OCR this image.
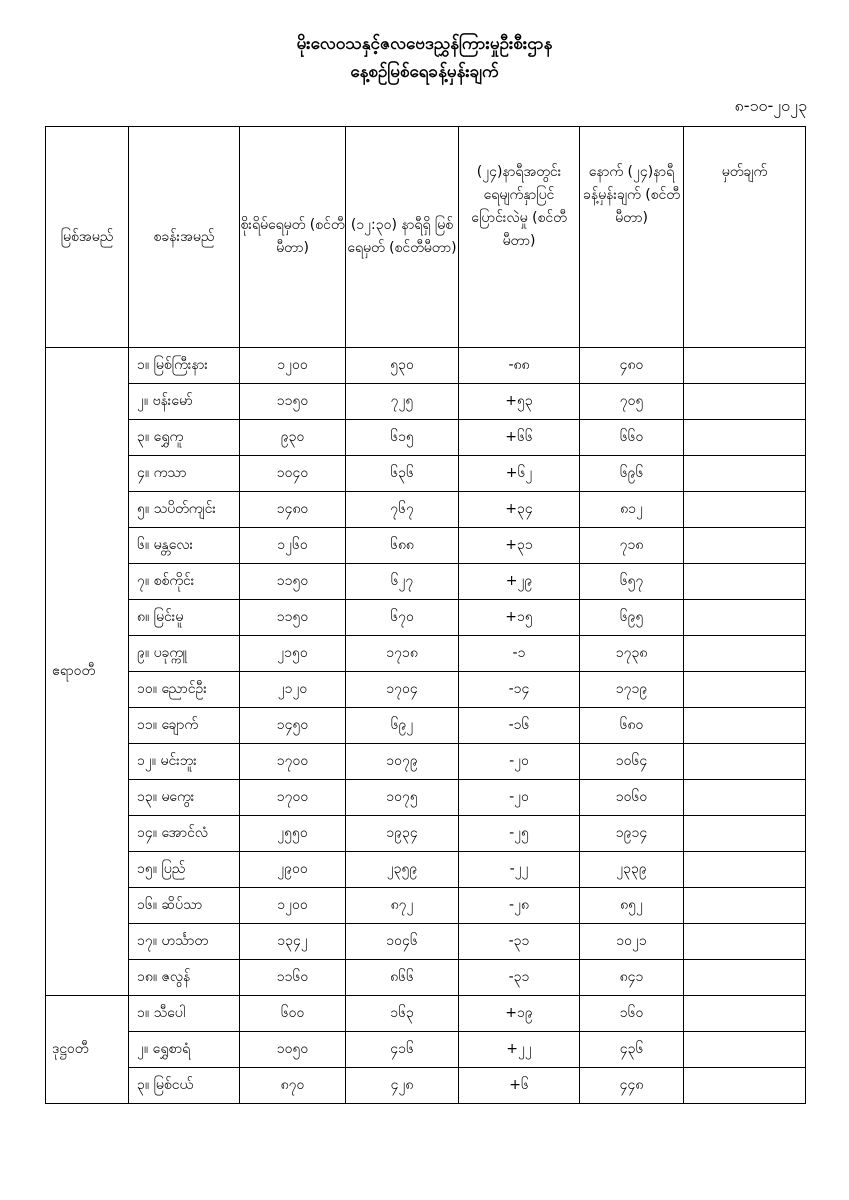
မိုးလေဝသနှင့်ဇလဗေဒညွှန်ကြားမှုဦးစီးဌာန
နေ့စဉ်မြစ်ရေခန့်မှန်းချက်
၈-၁၀-၂၀၂၃
မြစ်အမည်	စခန်းအမည်	စိုးရိမ်ရေမှတ် (စင်တီမီတာ)	(၁၂:၃၀) နာရီရှိ မြစ်ရေမှတ် (စင်တီမီတာ)	(၂၄)နာရီအတွင်း ရေမျက်နှာပြင် ပြောင်းလဲမှု (စင်တီမီတာ)	နောက် (၂၄)နာရီ ခန့်မှန်းချက် (စင်တီမီတာ)	မှတ်ချက်
ဧရာဝတီ	၁။ မြစ်ကြီးနား	၁၂၀၀	၅၃၀	-၈၈	၄၈၀	
	၂။ ဗန်းမော်	၁၁၅၀	၇၂၅	+၅၃	၇၀၅	
	၃။ ရွှေကူ	၉၃၀	၆၁၅	+၆၆	၆၆၀	
	၄။ ကသာ	၁၀၄၀	၆၃၆	+၆၂	၆၉၆	
	၅။ သပိတ်ကျင်း	၁၄၈၀	၇၆၇	+၃၄	၈၁၂	
	၆။ မန္တလေး	၁၂၆၀	၆၈၈	+၃၁	၇၁၈	
	၇။ စစ်ကိုင်း	၁၁၅၀	၆၂၇	+၂၉	၆၅၇	
	၈။ မြင်းမူ	၁၁၅၀	၆၇၀	+၁၅	၆၉၅	
	၉။ ပခုက္ကူ	၂၁၅၀	၁၇၁၈	-၁	၁၇၃၈	
	၁၀။ ညောင်ဦး	၂၁၂၀	၁၇၀၄	-၁၄	၁၇၁၉	
	၁၁။ ချောက်	၁၄၅၀	၆၉၂	-၁၆	၆၈၀	
	၁၂။ မင်းဘူး	၁၇၀၀	၁၀၇၉	-၂၀	၁၀၆၄	
	၁၃။ မကွေး	၁၇၀၀	၁၀၇၅	-၂၀	၁၀၆၀	
	၁၄။ အောင်လံ	၂၅၅၀	၁၉၃၄	-၂၅	၁၉၁၄	
	၁၅။ ပြည်	၂၉၀၀	၂၃၅၉	-၂၂	၂၃၃၉	
	၁၆။ ဆိပ်သာ	၁၂၀၀	၈၇၂	-၂၈	၈၅၂	
	၁၇။ ဟင်္သာတ	၁၃၄၂	၁၀၄၆	-၃၁	၁၀၂၁	
	၁၈။ ဇလွန်	၁၁၆၀	၈၆၆	-၃၁	၈၄၁	
ဒုဋ္ဌဝတီ	၁။ သီပေါ	၆၀၀	၁၆၃	+၁၉	၁၆၀	
	၂။ ရွှေစာရံ	၁၀၅၀	၄၁၆	+၂၂	၄၃၆	
	၃။ မြစ်ငယ်	၈၇၀	၄၂၈	+၆	၄၄၈	
